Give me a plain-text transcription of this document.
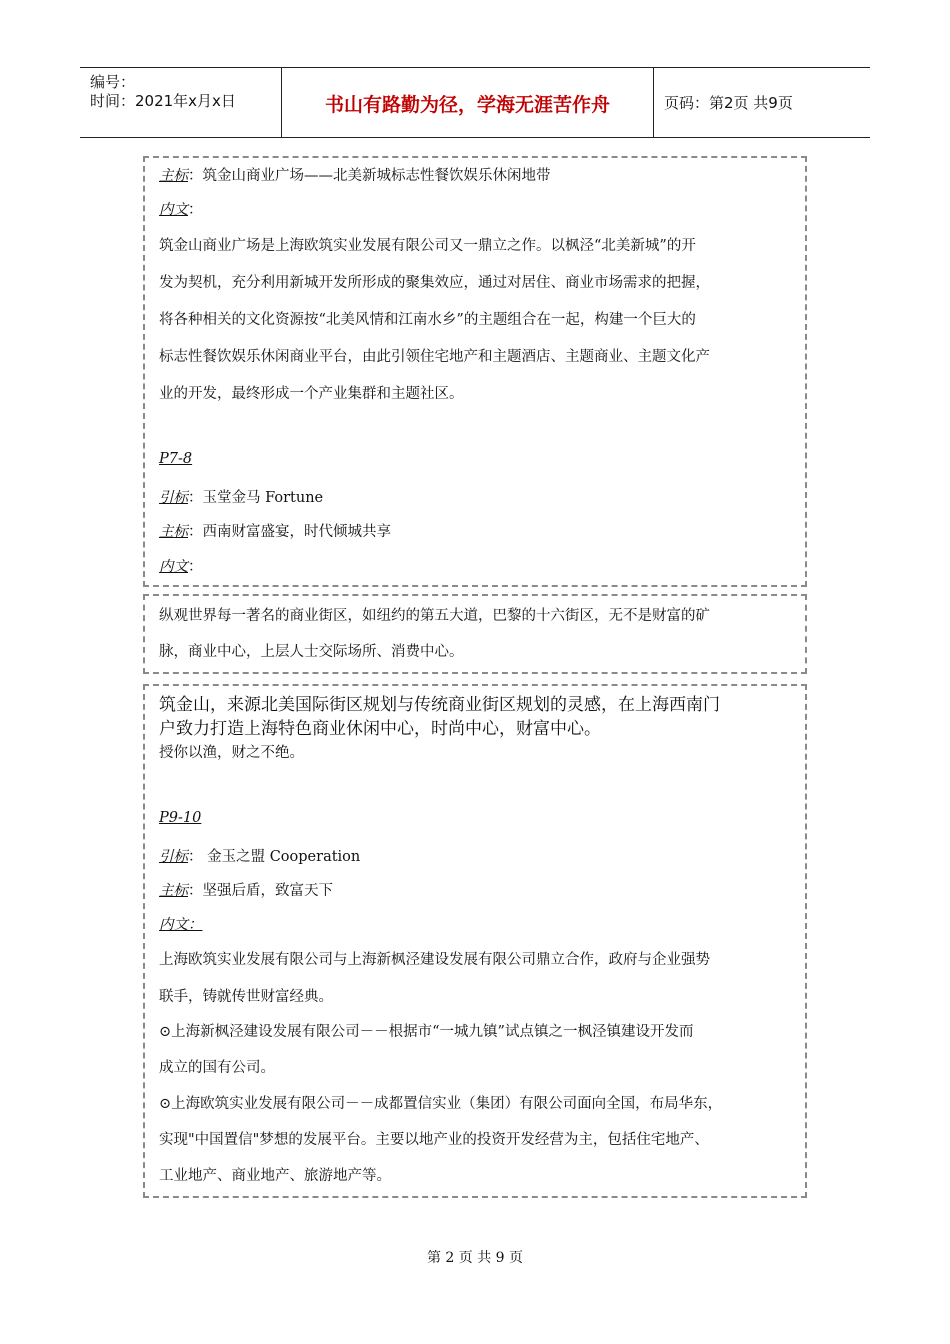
编号：
时间：2021年x月x日	书山有路勤为径，学海无涯苦作舟	页码：第2页 共9页
主标：筑金山商业广场——北美新城标志性餐饮娱乐休闲地带
内文：
筑金山商业广场是上海欧筑实业发展有限公司又一鼎立之作。以枫泾“北美新城”的开
发为契机，充分利用新城开发所形成的聚集效应，通过对居住、商业市场需求的把握，
将各种相关的文化资源按“北美风情和江南水乡”的主题组合在一起，构建一个巨大的
标志性餐饮娱乐休闲商业平台，由此引领住宅地产和主题酒店、主题商业、主题文化产
业的开发，最终形成一个产业集群和主题社区。
P7-8
引标：玉堂金马 Fortune
主标：西南财富盛宴，时代倾城共享
内文：
纵观世界每一著名的商业街区，如纽约的第五大道，巴黎的十六街区，无不是财富的矿
脉，商业中心，上层人士交际场所、消费中心。
筑金山，来源北美国际街区规划与传统商业街区规划的灵感，在上海西南门
户致力打造上海特色商业休闲中心，时尚中心，财富中心。
授你以渔，财之不绝。
P9-10
引标： 金玉之盟 Cooperation
主标：坚强后盾，致富天下
内文：
上海欧筑实业发展有限公司与上海新枫泾建设发展有限公司鼎立合作，政府与企业强势
联手，铸就传世财富经典。
⊙上海新枫泾建设发展有限公司－－根据市“一城九镇”试点镇之一枫泾镇建设开发而
成立的国有公司。
⊙上海欧筑实业发展有限公司－－成都置信实业（集团）有限公司面向全国，布局华东，
实现"中国置信"梦想的发展平台。主要以地产业的投资开发经营为主，包括住宅地产、
工业地产、商业地产、旅游地产等。
第 2 页 共 9 页
